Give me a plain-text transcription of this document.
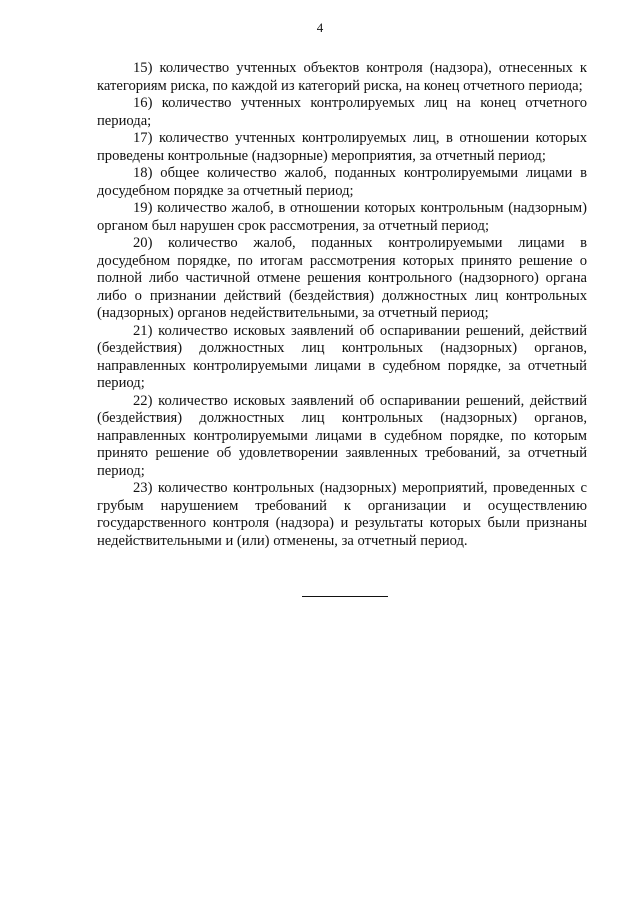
4

15) количество учтенных объектов контроля (надзора), отнесенных к категориям риска, по каждой из категорий риска, на конец отчетного периода;

16) количество учтенных контролируемых лиц на конец отчетного периода;

17) количество учтенных контролируемых лиц, в отношении которых проведены контрольные (надзорные) мероприятия, за отчетный период;

18) общее количество жалоб, поданных контролируемыми лицами в досудебном порядке за отчетный период;

19) количество жалоб, в отношении которых контрольным (надзорным) органом был нарушен срок рассмотрения, за отчетный период;

20) количество жалоб, поданных контролируемыми лицами в досудебном порядке, по итогам рассмотрения которых принято решение о полной либо частичной отмене решения контрольного (надзорного) органа либо о признании действий (бездействия) должностных лиц контрольных (надзорных) органов недействительными, за отчетный период;

21) количество исковых заявлений об оспаривании решений, действий (бездействия) должностных лиц контрольных (надзорных) органов, направленных контролируемыми лицами в судебном порядке, за отчетный период;

22) количество исковых заявлений об оспаривании решений, действий (бездействия) должностных лиц контрольных (надзорных) органов, направленных контролируемыми лицами в судебном порядке, по которым принято решение об удовлетворении заявленных требований, за отчетный период;

23) количество контрольных (надзорных) мероприятий, проведенных с грубым нарушением требований к организации и осуществлению государственного контроля (надзора) и результаты которых были признаны недействительными и (или) отменены, за отчетный период.
